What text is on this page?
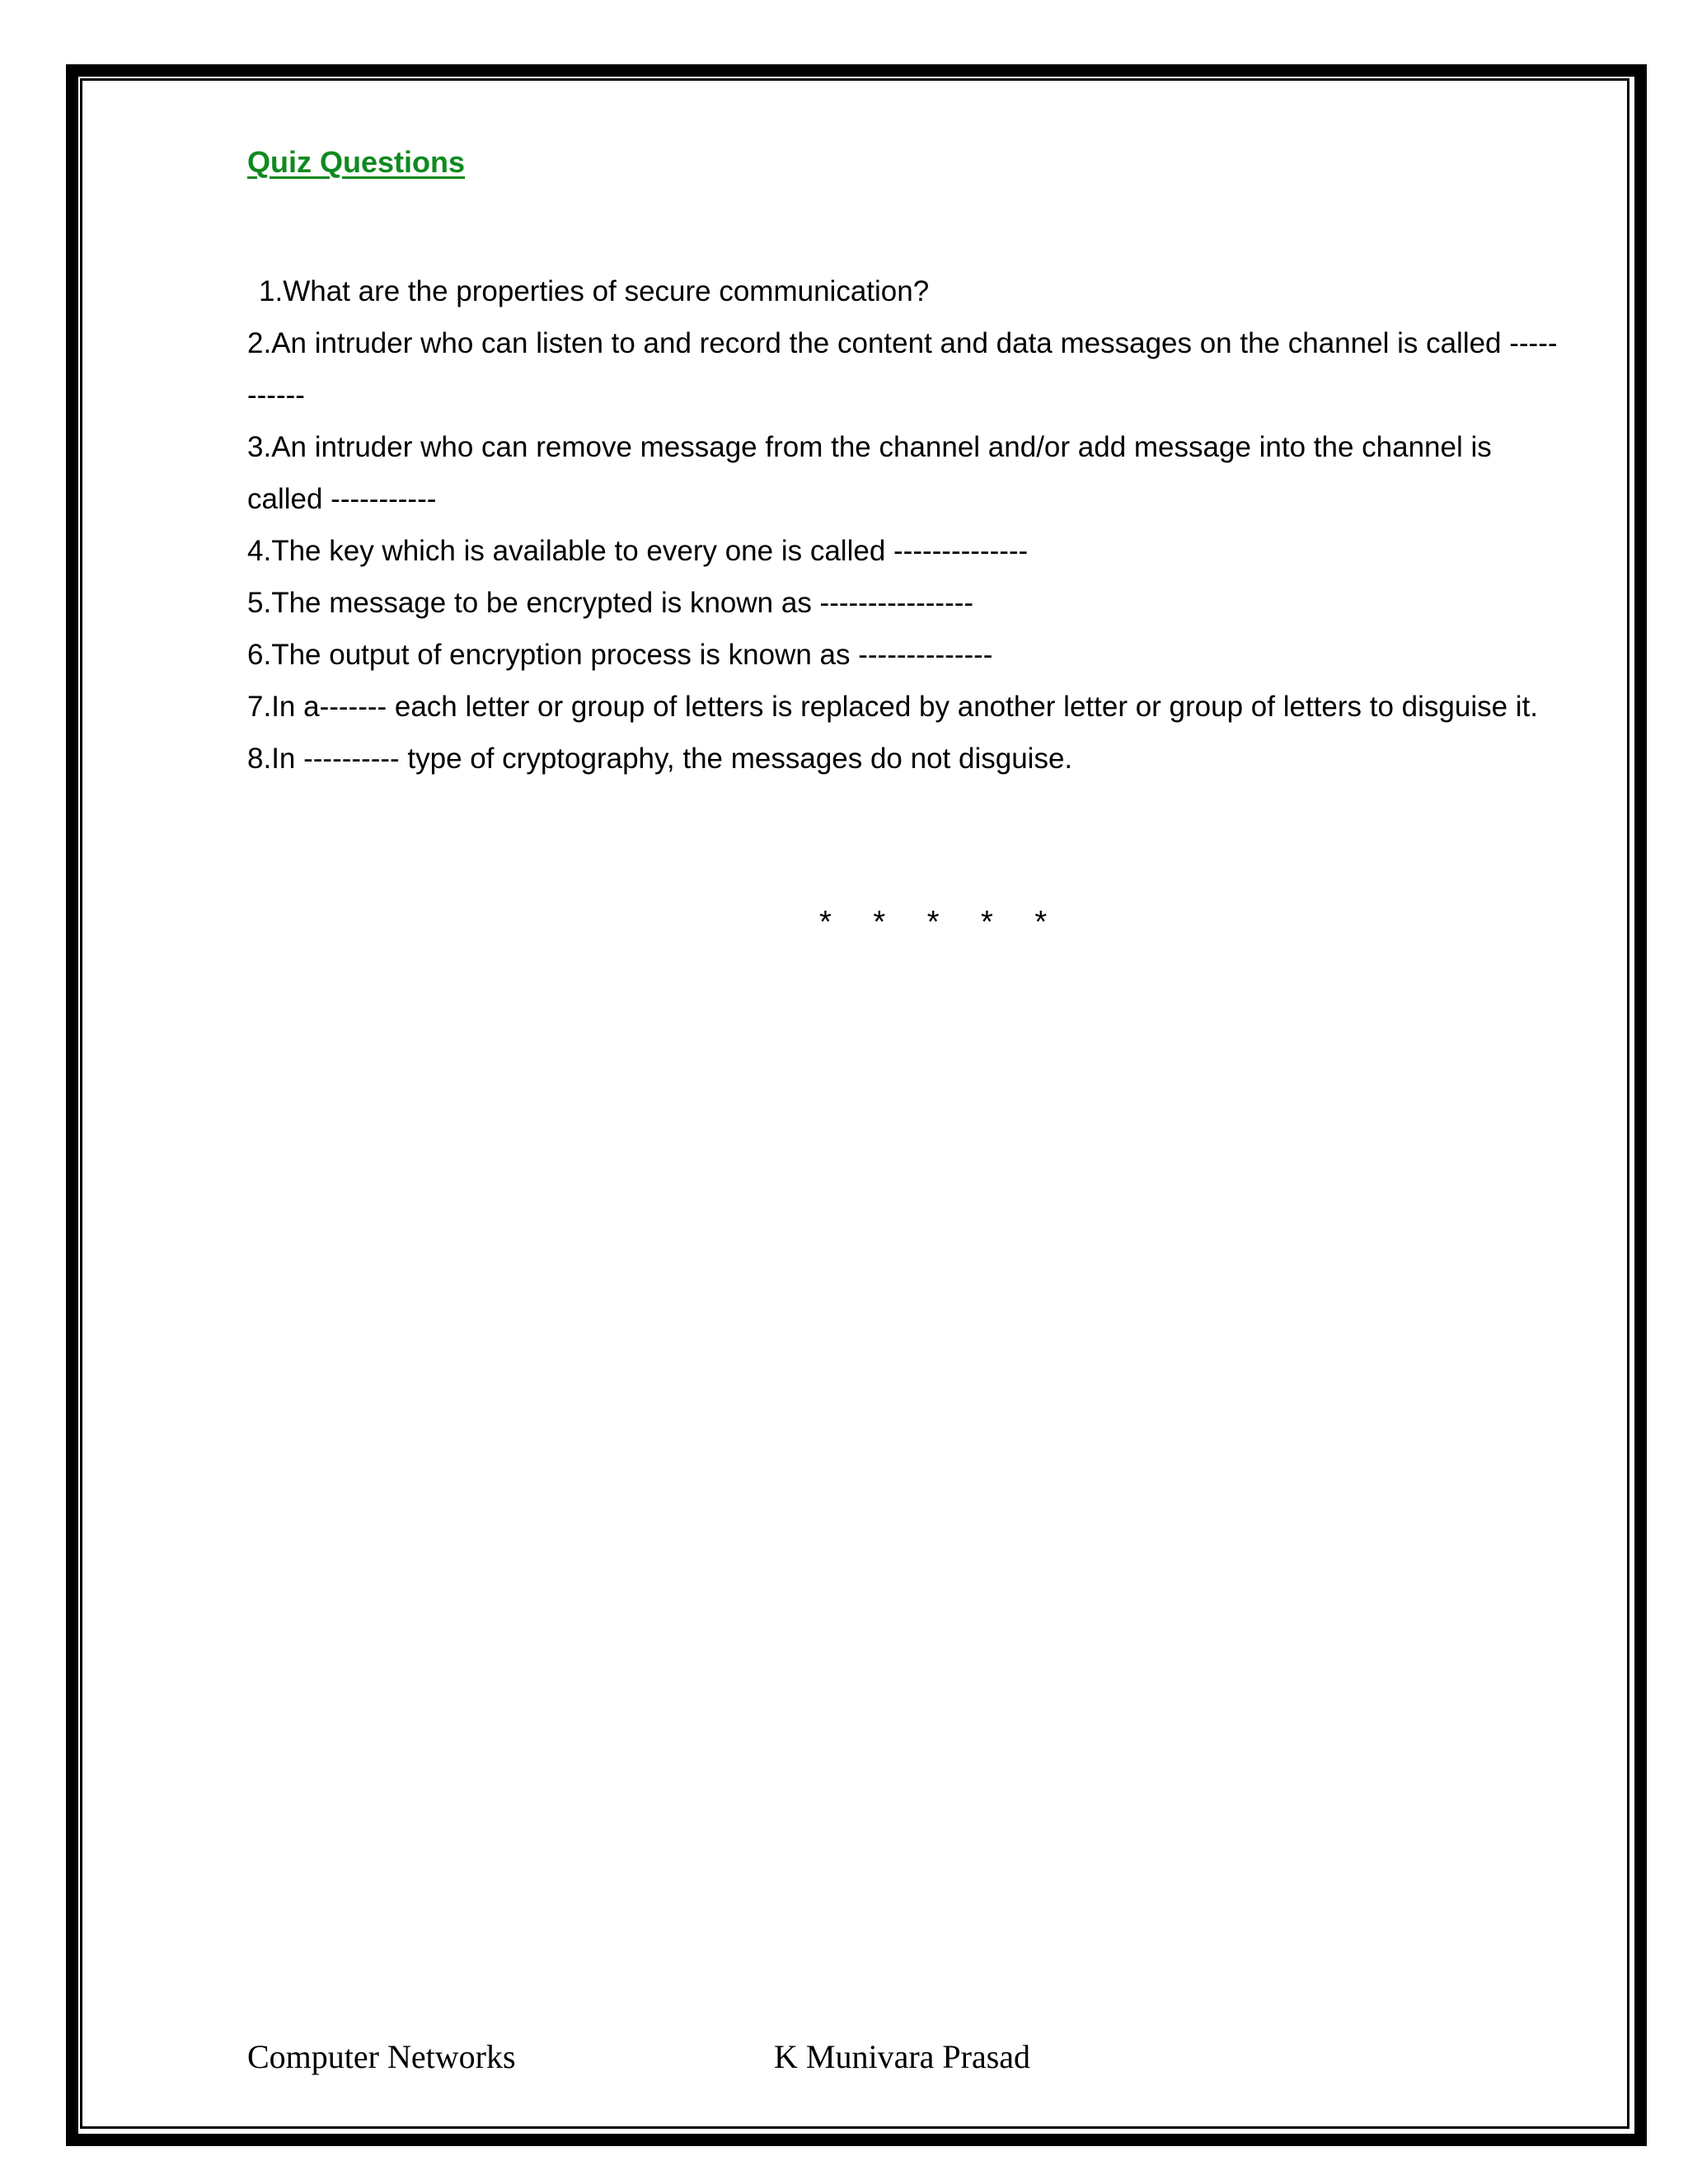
Quiz Questions
1.What are the properties of secure communication?
2.An intruder who can listen to and record the content and data messages on the channel is called -----------
3.An intruder who can remove message from the channel and/or add message into the channel is called -----------
4.The key which is available to every one is called --------------
5.The message to be encrypted is known as ----------------
6.The output of encryption process is known as --------------
7.In a------- each letter or group of letters is replaced by another letter or group of letters to disguise it.
8.In ---------- type of cryptography, the messages do not disguise.

* * * * *

Computer Networks	K Munivara Prasad
